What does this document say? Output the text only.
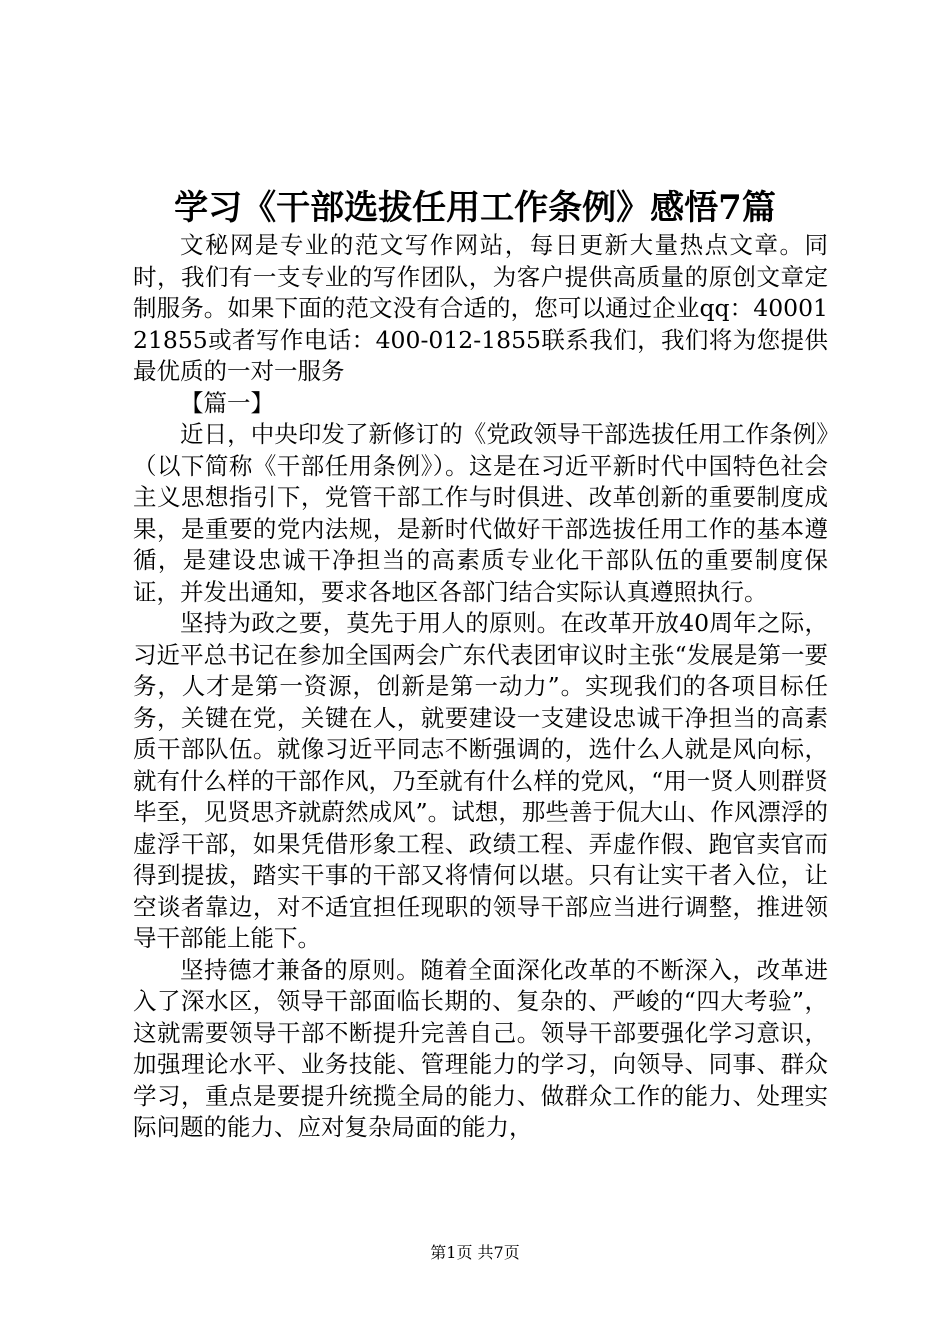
学习《干部选拔任用工作条例》感悟7篇

文秘网是专业的范文写作网站，每日更新大量热点文章。同时，我们有一支专业的写作团队，为客户提供高质量的原创文章定制服务。如果下面的范文没有合适的，您可以通过企业qq：4000121855或者写作电话：400-012-1855联系我们，我们将为您提供最优质的一对一服务

【篇一】

近日，中央印发了新修订的《党政领导干部选拔任用工作条例》（以下简称《干部任用条例》）。这是在习近平新时代中国特色社会主义思想指引下，党管干部工作与时俱进、改革创新的重要制度成果，是重要的党内法规，是新时代做好干部选拔任用工作的基本遵循，是建设忠诚干净担当的高素质专业化干部队伍的重要制度保证，并发出通知，要求各地区各部门结合实际认真遵照执行。

坚持为政之要，莫先于用人的原则。在改革开放40周年之际，习近平总书记在参加全国两会广东代表团审议时主张“发展是第一要务，人才是第一资源，创新是第一动力”。实现我们的各项目标任务，关键在党，关键在人，就要建设一支建设忠诚干净担当的高素质干部队伍。就像习近平同志不断强调的，选什么人就是风向标，就有什么样的干部作风，乃至就有什么样的党风，“用一贤人则群贤毕至，见贤思齐就蔚然成风”。试想，那些善于侃大山、作风漂浮的虚浮干部，如果凭借形象工程、政绩工程、弄虚作假、跑官卖官而得到提拔，踏实干事的干部又将情何以堪。只有让实干者入位，让空谈者靠边，对不适宜担任现职的领导干部应当进行调整，推进领导干部能上能下。

坚持德才兼备的原则。随着全面深化改革的不断深入，改革进入了深水区，领导干部面临长期的、复杂的、严峻的“四大考验”，这就需要领导干部不断提升完善自己。领导干部要强化学习意识，加强理论水平、业务技能、管理能力的学习，向领导、同事、群众学习，重点是要提升统揽全局的能力、做群众工作的能力、处理实际问题的能力、应对复杂局面的能力，

第1页 共7页
